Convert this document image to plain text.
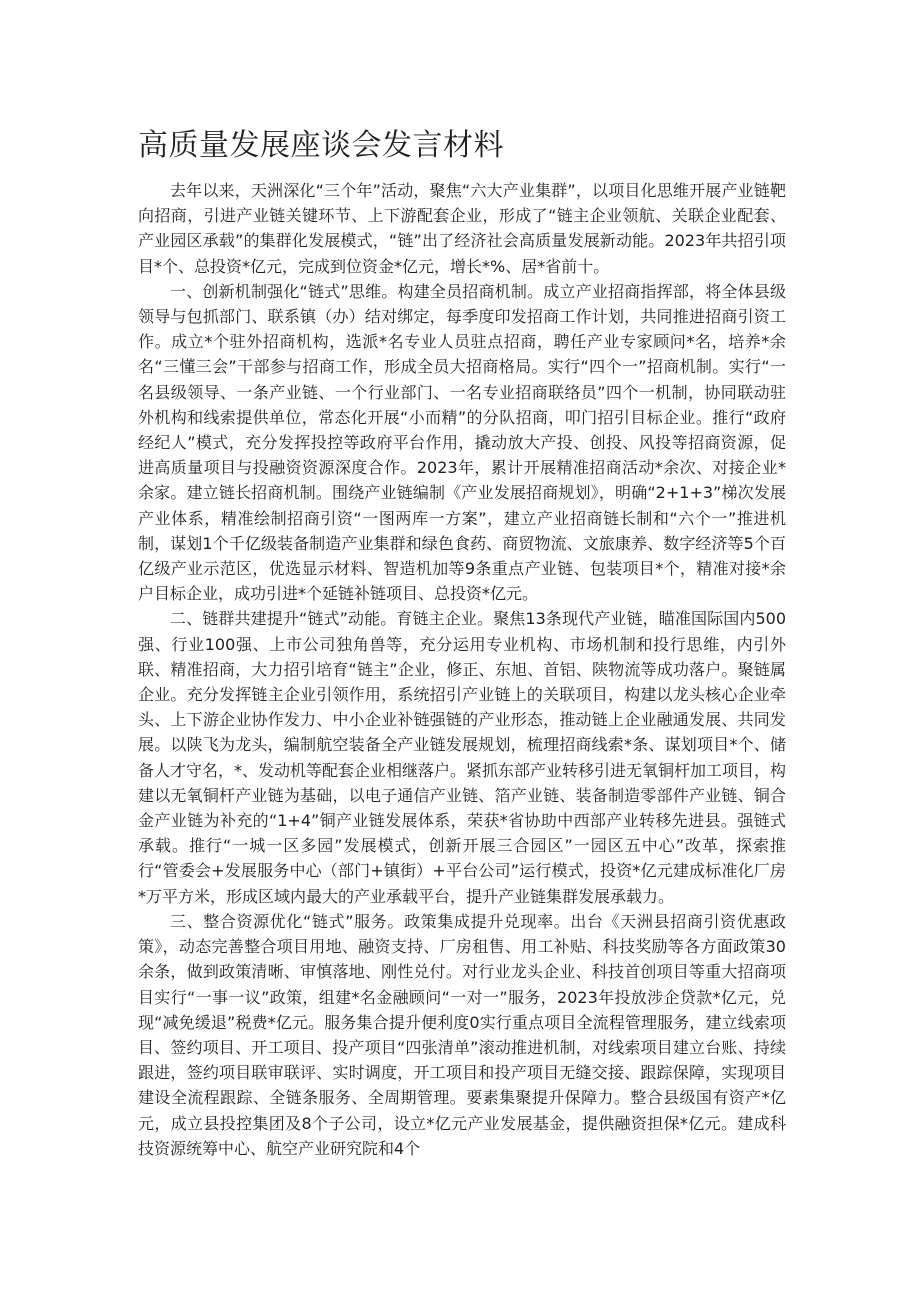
高质量发展座谈会发言材料

去年以来，天洲深化“三个年”活动，聚焦“六大产业集群”，以项目化思维开展产业链靶向招商，引进产业链关键环节、上下游配套企业，形成了“链主企业领航、关联企业配套、产业园区承载”的集群化发展模式，“链”出了经济社会高质量发展新动能。2023年共招引项目*个、总投资*亿元，完成到位资金*亿元，增长*%、居*省前十。

一、创新机制强化“链式”思维。构建全员招商机制。成立产业招商指挥部，将全体县级领导与包抓部门、联系镇（办）结对绑定，每季度印发招商工作计划，共同推进招商引资工作。成立*个驻外招商机构，选派*名专业人员驻点招商，聘任产业专家顾问*名，培养*余名“三懂三会”干部参与招商工作，形成全员大招商格局。实行“四个一”招商机制。实行“一名县级领导、一条产业链、一个行业部门、一名专业招商联络员”四个一机制，协同联动驻外机构和线索提供单位，常态化开展“小而精”的分队招商，叩门招引目标企业。推行“政府经纪人”模式，充分发挥投控等政府平台作用，撬动放大产投、创投、风投等招商资源，促进高质量项目与投融资资源深度合作。2023年，累计开展精准招商活动*余次、对接企业*余家。建立链长招商机制。围绕产业链编制《产业发展招商规划》，明确“2+1+3”梯次发展产业体系，精准绘制招商引资“一图两库一方案”，建立产业招商链长制和“六个一”推进机制，谋划1个千亿级装备制造产业集群和绿色食药、商贸物流、文旅康养、数字经济等5个百亿级产业示范区，优选显示材料、智造机加等9条重点产业链、包装项目*个，精准对接*余户目标企业，成功引进*个延链补链项目、总投资*亿元。

二、链群共建提升“链式”动能。育链主企业。聚焦13条现代产业链，瞄准国际国内500强、行业100强、上市公司独角兽等，充分运用专业机构、市场机制和投行思维，内引外联、精准招商，大力招引培育“链主”企业，修正、东旭、首铝、陕物流等成功落户。聚链属企业。充分发挥链主企业引领作用，系统招引产业链上的关联项目，构建以龙头核心企业牵头、上下游企业协作发力、中小企业补链强链的产业形态，推动链上企业融通发展、共同发展。以陕飞为龙头，编制航空装备全产业链发展规划，梳理招商线索*条、谋划项目*个、储备人才守名，*、发动机等配套企业相继落户。紧抓东部产业转移引进无氧铜杆加工项目，构建以无氧铜杆产业链为基础，以电子通信产业链、箔产业链、装备制造零部件产业链、铜合金产业链为补充的“1+4”铜产业链发展体系，荣获*省协助中西部产业转移先进县。强链式承载。推行“一城一区多园”发展模式，创新开展三合园区”一园区五中心”改革，探索推行“管委会+发展服务中心（部门+镇街）+平台公司”运行模式，投资*亿元建成标准化厂房*万平方米，形成区域内最大的产业承载平台，提升产业链集群发展承载力。

三、整合资源优化“链式”服务。政策集成提升兑现率。出台《天洲县招商引资优惠政策》，动态完善整合项目用地、融资支持、厂房租售、用工补贴、科技奖励等各方面政策30余条，做到政策清晰、审慎落地、刚性兑付。对行业龙头企业、科技首创项目等重大招商项目实行“一事一议”政策，组建*名金融顾问“一对一”服务，2023年投放涉企贷款*亿元，兑现“减免缓退”税费*亿元。服务集合提升便利度0实行重点项目全流程管理服务，建立线索项目、签约项目、开工项目、投产项目“四张清单”滚动推进机制，对线索项目建立台账、持续跟进，签约项目联审联评、实时调度，开工项目和投产项目无缝交接、跟踪保障，实现项目建设全流程跟踪、全链条服务、全周期管理。要素集聚提升保障力。整合县级国有资产*亿元，成立县投控集团及8个子公司，设立*亿元产业发展基金，提供融资担保*亿元。建成科技资源统筹中心、航空产业研究院和4个
